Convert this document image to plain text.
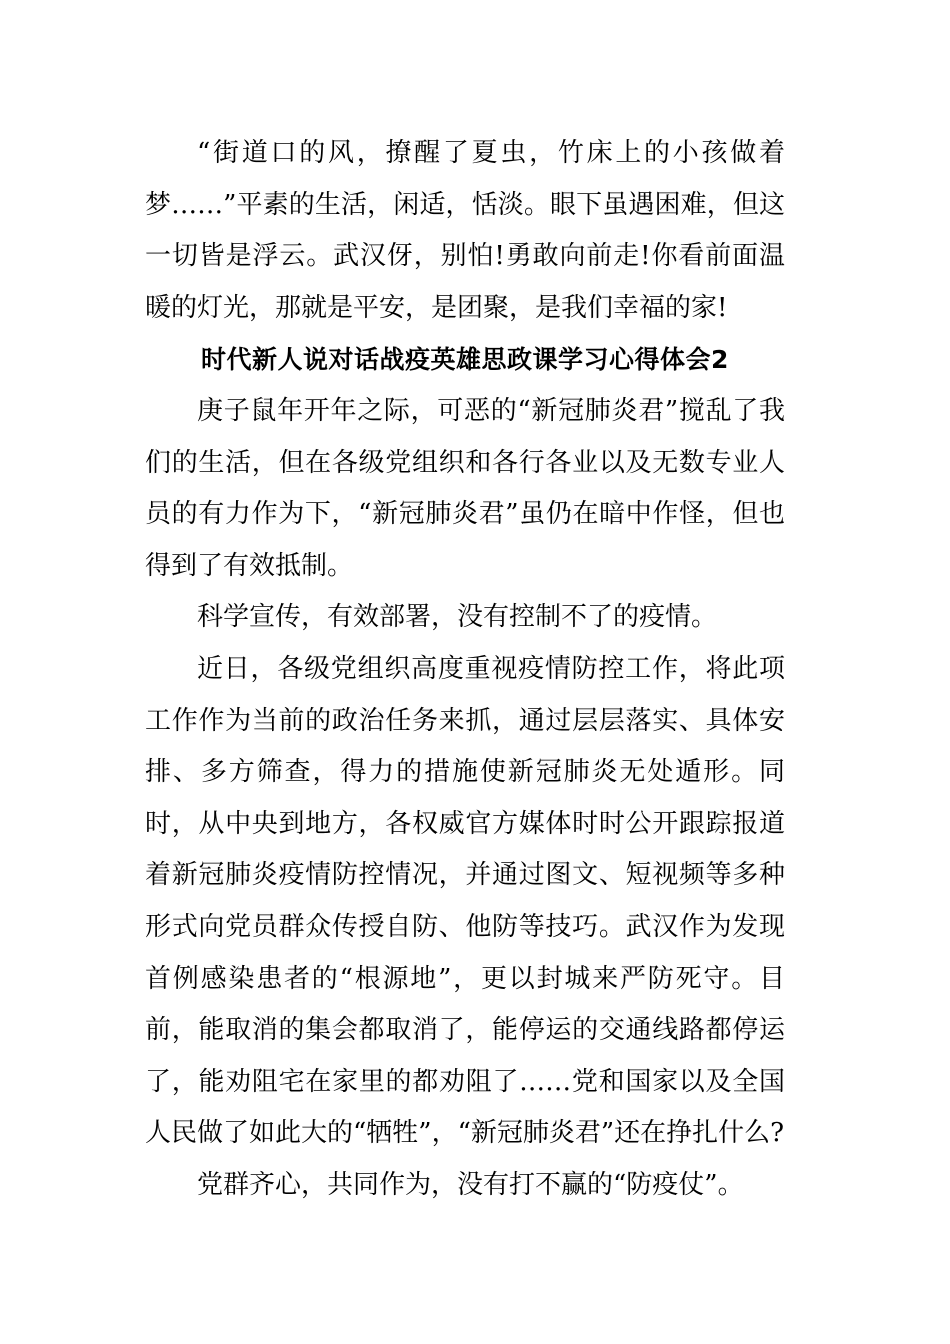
“街道口的风，撩醒了夏虫，竹床上的小孩做着梦……”平素的生活，闲适，恬淡。眼下虽遇困难，但这一切皆是浮云。武汉伢，别怕!勇敢向前走!你看前面温暖的灯光，那就是平安，是团聚，是我们幸福的家!

时代新人说对话战疫英雄思政课学习心得体会2

庚子鼠年开年之际，可恶的“新冠肺炎君”搅乱了我们的生活，但在各级党组织和各行各业以及无数专业人员的有力作为下，“新冠肺炎君”虽仍在暗中作怪，但也得到了有效抵制。

科学宣传，有效部署，没有控制不了的疫情。

近日，各级党组织高度重视疫情防控工作，将此项工作作为当前的政治任务来抓，通过层层落实、具体安排、多方筛查，得力的措施使新冠肺炎无处遁形。同时，从中央到地方，各权威官方媒体时时公开跟踪报道着新冠肺炎疫情防控情况，并通过图文、短视频等多种形式向党员群众传授自防、他防等技巧。武汉作为发现首例感染患者的“根源地”，更以封城来严防死守。目前，能取消的集会都取消了，能停运的交通线路都停运了，能劝阻宅在家里的都劝阻了……党和国家以及全国人民做了如此大的“牺牲”，“新冠肺炎君”还在挣扎什么?

党群齐心，共同作为，没有打不赢的“防疫仗”。
